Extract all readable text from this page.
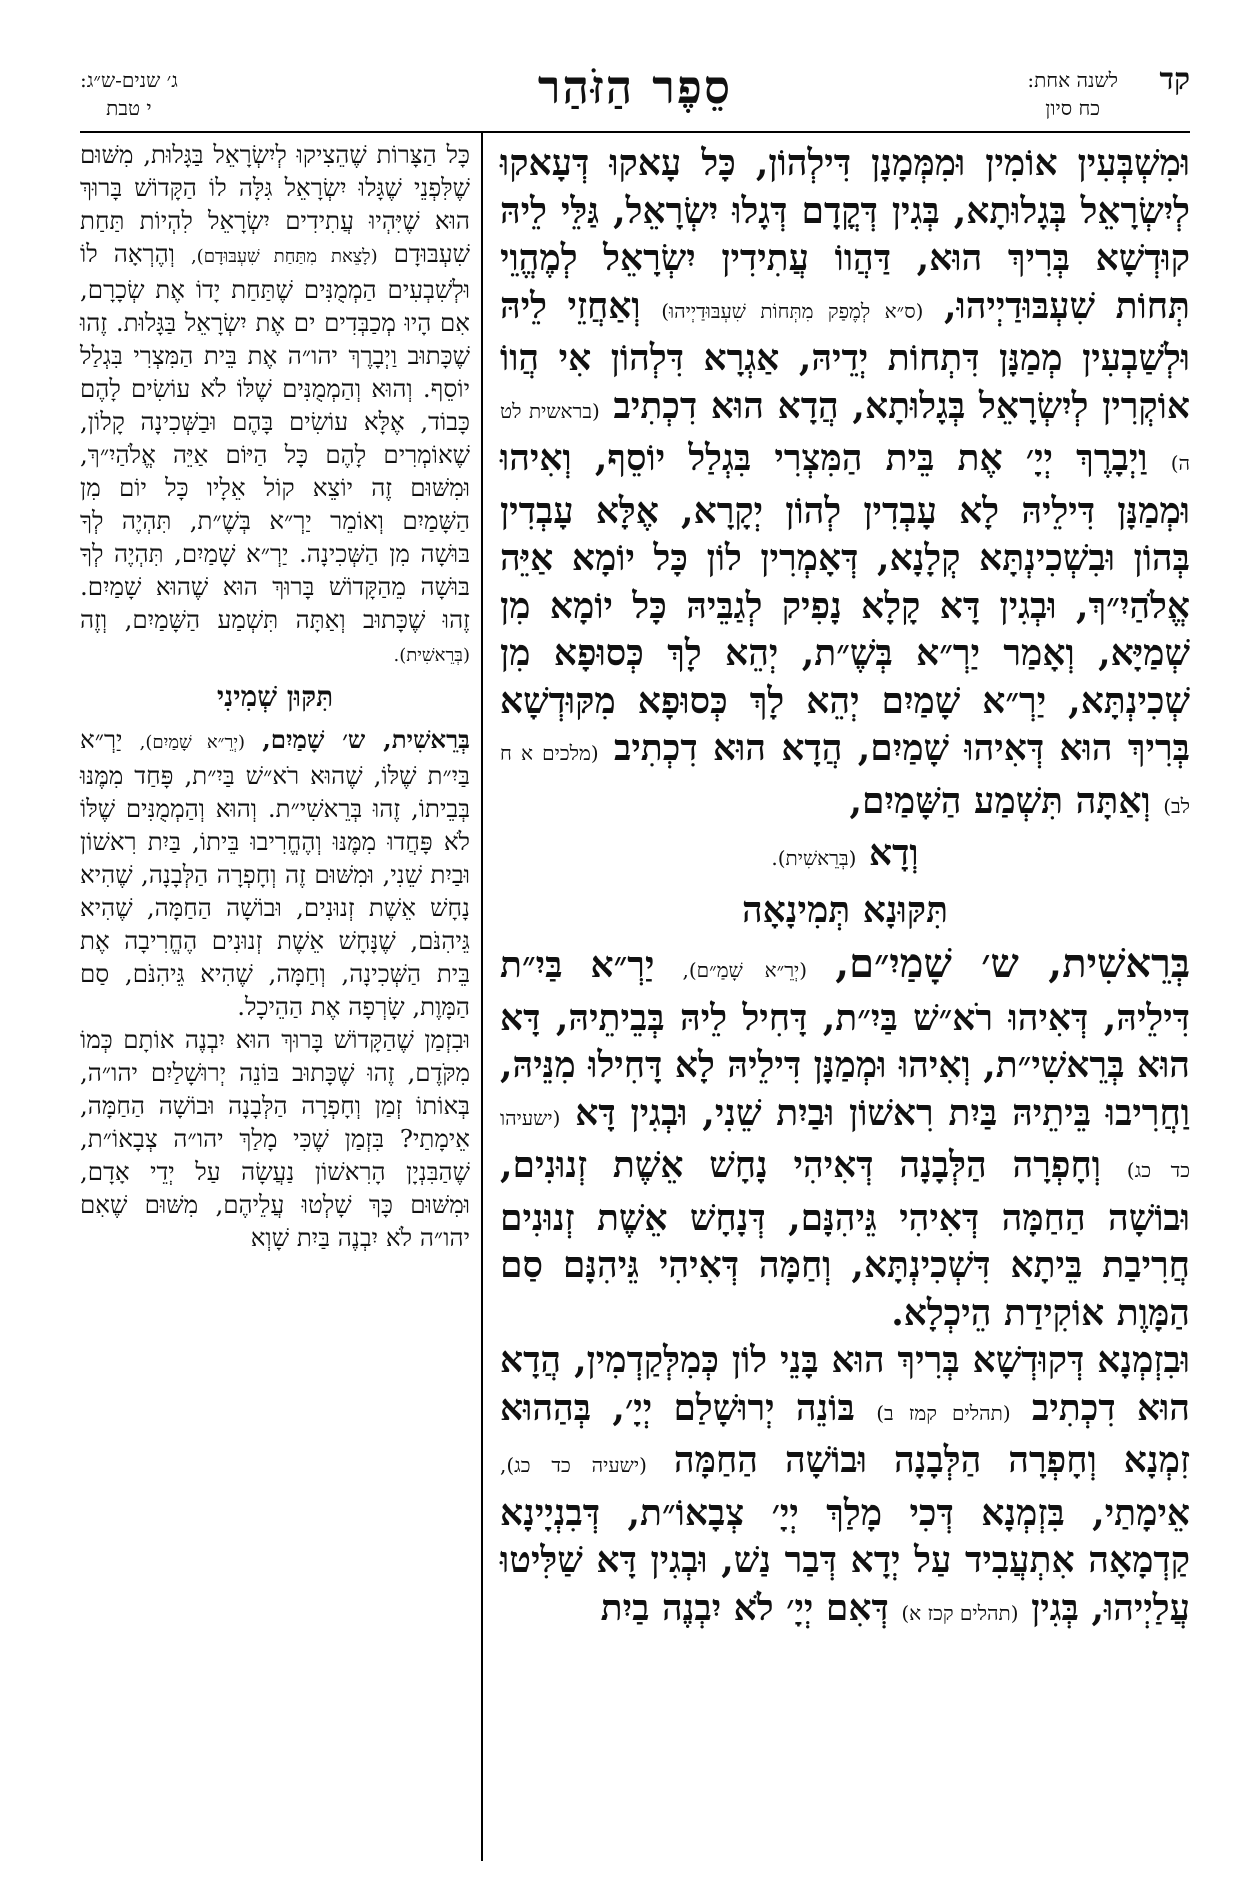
קד
לשנה אחת:
כח סיון
סֵפֶר הַזֹּהַר
ג׳ שנים-ש״ג:
י טבת

וּמִשְׁבְּעִין אוֹמִין וּמִמְּמָנָן דִּילְהוֹן, כָּל עָאקוּ דְּעָאקוּ לְיִשְׂרָאֵל בְּגָלוּתָא, בְּגִין דְּקֳדָם דְּגָלוּ יִשְׂרָאֵל, גַּלֵּי לֵיהּ קוּדְשָׁא בְּרִיךְ הוּא, דַּהֲווֹ עֲתִידִין יִשְׂרָאֵל לְמֶהֱוֵי תְּחוֹת שִׁעְבּוּדַיְיהוּ, (ס״א לְמֶפַק מִתְּחוֹת שִׁעְבּוּדַיְיהוּ) וְאַחֲזֵי לֵיהּ וּלְשַׁבְעִין מְמַנָּן דִּתְחוֹת יְדֵיהּ, אַגְרָא דִּלְהוֹן אִי הֲווֹ אוֹקְרִין לְיִשְׂרָאֵל בְּגָלוּתָא, הֲדָא הוּא דִכְתִיב (בראשית לט ה) וַיְבָרֶךְ יְיָ׳ אֶת בֵּית הַמִּצְרִי בִּגְלַל יוֹסֵף, וְאִיהוּ וּמְמַנָּן דִּילֵיהּ לָא עָבְדִין לְהוֹן יְקָרָא, אֶלָּא עָבְדִין בְּהוֹן וּבִשְׁכִינְתָּא קְלָנָא, דְּאָמְרִין לוֹן כָּל יוֹמָא אַיֵּה אֱלֹהַיִ״ךְ, וּבְגִין דָּא קָלָא נָפִיק לְגַבֵּיהּ כָּל יוֹמָא מִן שְׁמַיָּא, וְאָמַר יַרְ״א בְּשֶׁ״ת, יְהֵא לָךְ כְּסוּפָא מִן שְׁכִינְתָּא, יַרְ״א שָׁמַיִם יְהֵא לָךְ כְּסוּפָא מִקּוּדְשָׁא בְּרִיךְ הוּא דְּאִיהוּ שָׁמַיִם, הֲדָא הוּא דִכְתִיב (מלכים א ח לב) וְאַתָּה תִּשְׁמַע הַשָּׁמַיִם,

וְדָא (בְּרֵאשִׁית).

תִּקּוּנָא תְּמִינָאָה

בְּרֵאשִׁית, ש׳ שָׁמַיִ״ם, (יְרֵ״א שָׁמַ״ם), יַרְ״א בַּיִ״ת דִּילֵיהּ, דְּאִיהוּ רֹא״שׁ בַּיִ״ת, דָּחִיל לֵיהּ בְּבֵיתֵיהּ, דָּא הוּא בְּרֵאשִׁי״ת, וְאִיהוּ וּמְמַנָּן דִּילֵיהּ לָא דָּחִילוּ מִנֵּיהּ, וַחֲרִיבוּ בֵּיתֵיהּ בַּיִת רִאשׁוֹן וּבַיִת שֵׁנִי, וּבְגִין דָּא (ישעיהו כד כג) וְחָפְרָה הַלְּבָנָה דְּאִיהִי נָחָשׁ אֵשֶׁת זְנוּנִים, וּבוֹשָׁה הַחַמָּה דְּאִיהִי גֵּיהִנָּם, דְּנָחָשׁ אֵשֶׁת זְנוּנִים חֲרִיבַת בֵּיתָא דִּשְׁכִינְתָּא, וְחַמָּה דְּאִיהִי גֵּיהִנָּם סַם הַמָּוֶת אוֹקִידַת הֵיכְלָא.

וּבִזְמְנָא דְּקוּדְשָׁא בְּרִיךְ הוּא בָּנֵי לוֹן כְּמִלְּקַדְמִין, הֲדָא הוּא דִכְתִיב (תהלים קמז ב) בּוֹנֵה יְרוּשָׁלַם יְיָ׳, בְּהַהוּא זִמְנָא וְחָפְרָה הַלְּבָנָה וּבוֹשָׁה הַחַמָּה (ישעיה כד כג), אֵימָתַי, בִּזְמְנָא דְּכִי מָלַךְ יְיָ׳ צְבָאוֹ״ת, דְּבִנְיָינָא קַדְמָאָה אִתְעֲבִיד עַל יְדָא דְּבַר נַשׁ, וּבְגִין דָּא שַׁלִּיטוּ עֲלַיְיהוּ, בְּגִין (תהלים קכז א) דְּאִם יְיָ׳ לֹא יִבְנֶה בַיִת

כָּל הַצָּרוֹת שֶׁהֵצִיקוּ לְיִשְׂרָאֵל בַּגָּלוּת, מִשּׁוּם שֶׁלִּפְנֵי שֶׁגָּלוּ יִשְׂרָאֵל גִּלָּה לוֹ הַקָּדוֹשׁ בָּרוּךְ הוּא שֶׁיִּהְיוּ עֲתִידִים יִשְׂרָאֵל לִהְיוֹת תַּחַת שִׁעְבּוּדָם (לָצֵאת מִתַּחַת שִׁעְבּוּדָם), וְהֶרְאָה לוֹ וּלְשִׁבְעִים הַמְמֻנִּים שֶׁתַּחַת יָדוֹ אֶת שְׂכָרָם, אִם הָיוּ מְכַבְּדִים ים אֶת יִשְׂרָאֵל בַּגָּלוּת. זֶהוּ שֶׁכָּתוּב וַיְבָרֶךְ יהו״ה אֶת בֵּית הַמִּצְרִי בִּגְלַל יוֹסֵף. וְהוּא וְהַמְמֻנִּים שֶׁלּוֹ לֹא עוֹשִׂים לָהֶם כָּבוֹד, אֶלָּא עוֹשִׂים בָּהֶם וּבַשְּׁכִינָה קָלוֹן, שֶׁאוֹמְרִים לָהֶם כָּל הַיּוֹם אַיֵּה אֱלֹהַיִ״ךְ, וּמִשּׁוּם זֶה יוֹצֵא קוֹל אֵלָיו כָּל יוֹם מִן הַשָּׁמַיִם וְאוֹמֵר יַרְ״א בְּשֶׁ״ת, תִּהְיֶה לְךָ בּוּשָׁה מִן הַשְּׁכִינָה. יַרְ״א שָׁמַיִם, תִּהְיֶה לְךָ בּוּשָׁה מֵהַקָּדוֹשׁ בָּרוּךְ הוּא שֶׁהוּא שָׁמַיִם. זֶהוּ שֶׁכָּתוּב וְאַתָּה תִּשְׁמַע הַשָּׁמַיִם, וְזֶה (בְּרֵאשִׁית).

תִּקּוּן שְׁמִינִי

בְּרֵאשִׁית, ש׳ שָׁמַיִם, (יְרֵ״א שָׁמַיִם), יַרְ״א בַּיִ״ת שֶׁלּוֹ, שֶׁהוּא רֹא״שׁ בַּיִ״ת, פָּחַד מִמֶּנּוּ בְּבֵיתוֹ, זֶהוּ בְּרֵאשִׁי״ת. וְהוּא וְהַמְמֻנִּים שֶׁלּוֹ לֹא פָּחֲדוּ מִמֶּנּוּ וְהֶחֱרִיבוּ בֵּיתוֹ, בַּיִת רִאשׁוֹן וּבַיִת שֵׁנִי, וּמִשּׁוּם זֶה וְחָפְרָה הַלְּבָנָה, שֶׁהִיא נָחָשׁ אֵשֶׁת זְנוּנִים, וּבוֹשָׁה הַחַמָּה, שֶׁהִיא גֵּיהִנֹּם, שֶׁנָּחָשׁ אֵשֶׁת זְנוּנִים הֶחֱרִיבָה אֶת בֵּית הַשְּׁכִינָה, וְחַמָּה, שֶׁהִיא גֵּיהִנֹּם, סַם הַמָּוֶת, שָׂרְפָה אֶת הַהֵיכָל.

וּבִזְמַן שֶׁהַקָּדוֹשׁ בָּרוּךְ הוּא יִבְנֶה אוֹתָם כְּמוֹ מִקֹּדֶם, זֶהוּ שֶׁכָּתוּב בּוֹנֵה יְרוּשָׁלַיִם יהו״ה, בְּאוֹתוֹ זְמַן וְחָפְרָה הַלְּבָנָה וּבוֹשָׁה הַחַמָּה, אֵימָתַי? בִּזְמַן שֶׁכִּי מָלַךְ יהו״ה צְבָאוֹ״ת, שֶׁהַבִּנְיָן הָרִאשׁוֹן נַעֲשָׂה עַל יְדֵי אָדָם, וּמִשּׁוּם כָּךְ שָׁלְטוּ עֲלֵיהֶם, מִשּׁוּם שֶׁאִם יהו״ה לֹא יִבְנֶה בַּיִת שָׁוְא
